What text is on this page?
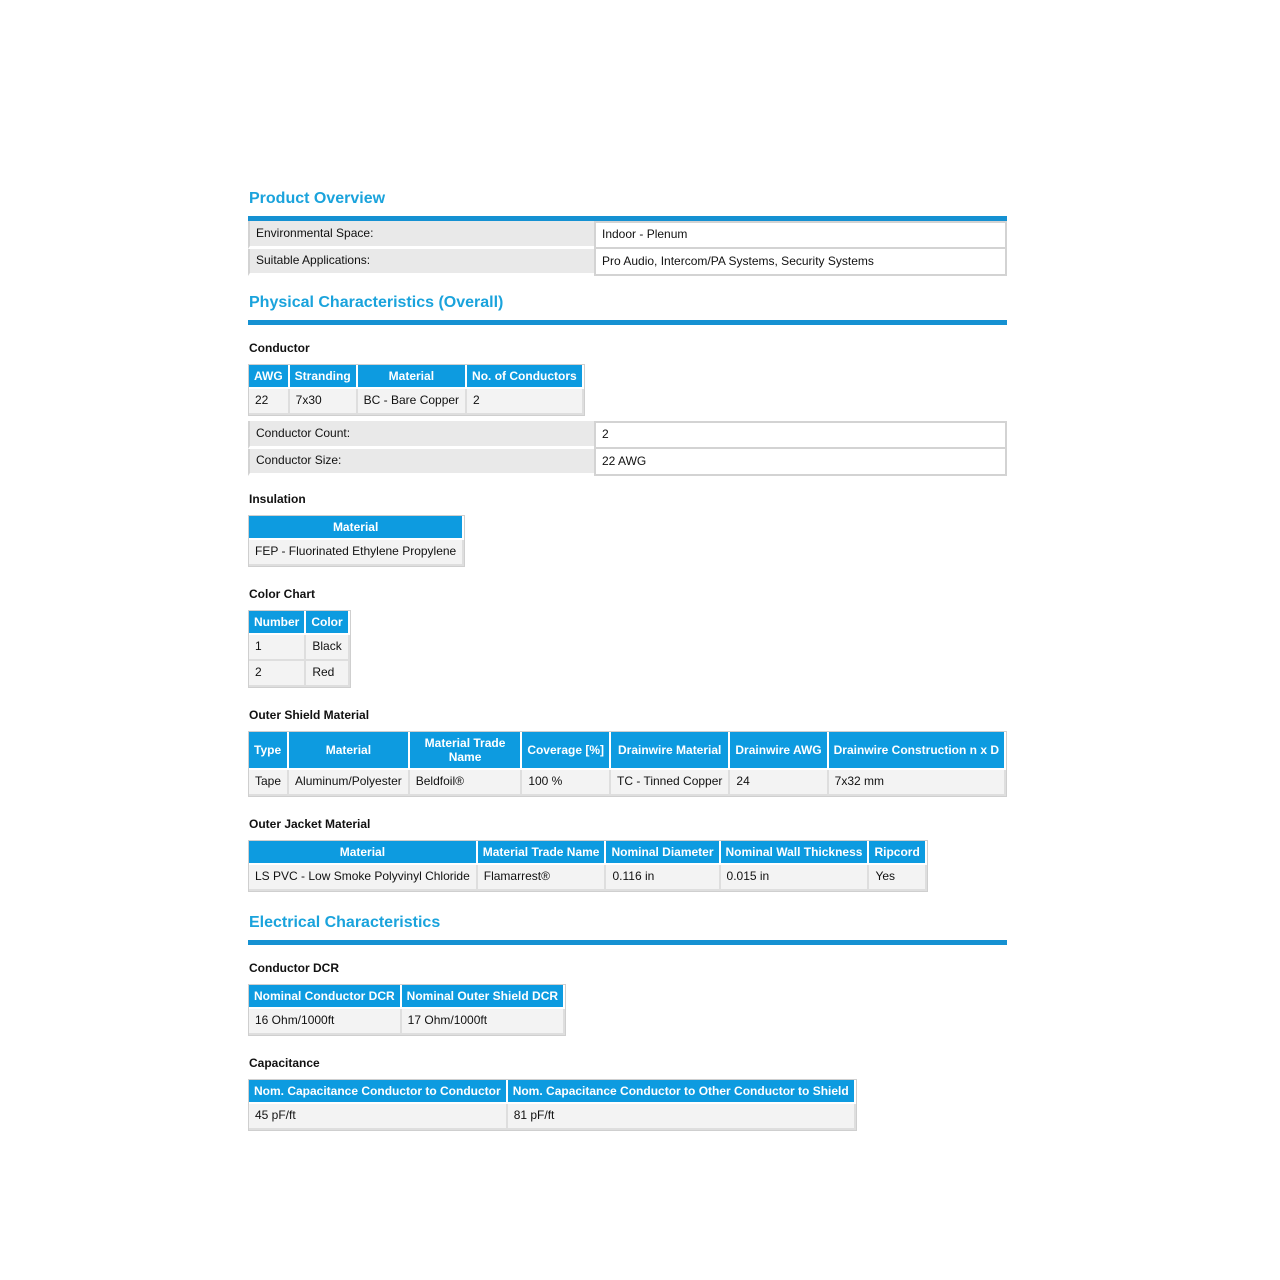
Product Overview
Environmental Space:	Indoor - Plenum
Suitable Applications:	Pro Audio, Intercom/PA Systems, Security Systems
Physical Characteristics (Overall)
Conductor
AWG	Stranding	Material	No. of Conductors
22	7x30	BC - Bare Copper	2
Conductor Count:	2
Conductor Size:	22 AWG
Insulation
Material
FEP - Fluorinated Ethylene Propylene
Color Chart
Number	Color
1	Black
2	Red
Outer Shield Material
Type	Material	Material Trade Name	Coverage [%]	Drainwire Material	Drainwire AWG	Drainwire Construction n x D
Tape	Aluminum/Polyester	Beldfoil®	100 %	TC - Tinned Copper	24	7x32 mm
Outer Jacket Material
Material	Material Trade Name	Nominal Diameter	Nominal Wall Thickness	Ripcord
LS PVC - Low Smoke Polyvinyl Chloride	Flamarrest®	0.116 in	0.015 in	Yes
Electrical Characteristics
Conductor DCR
Nominal Conductor DCR	Nominal Outer Shield DCR
16 Ohm/1000ft	17 Ohm/1000ft
Capacitance
Nom. Capacitance Conductor to Conductor	Nom. Capacitance Conductor to Other Conductor to Shield
45 pF/ft	81 pF/ft
